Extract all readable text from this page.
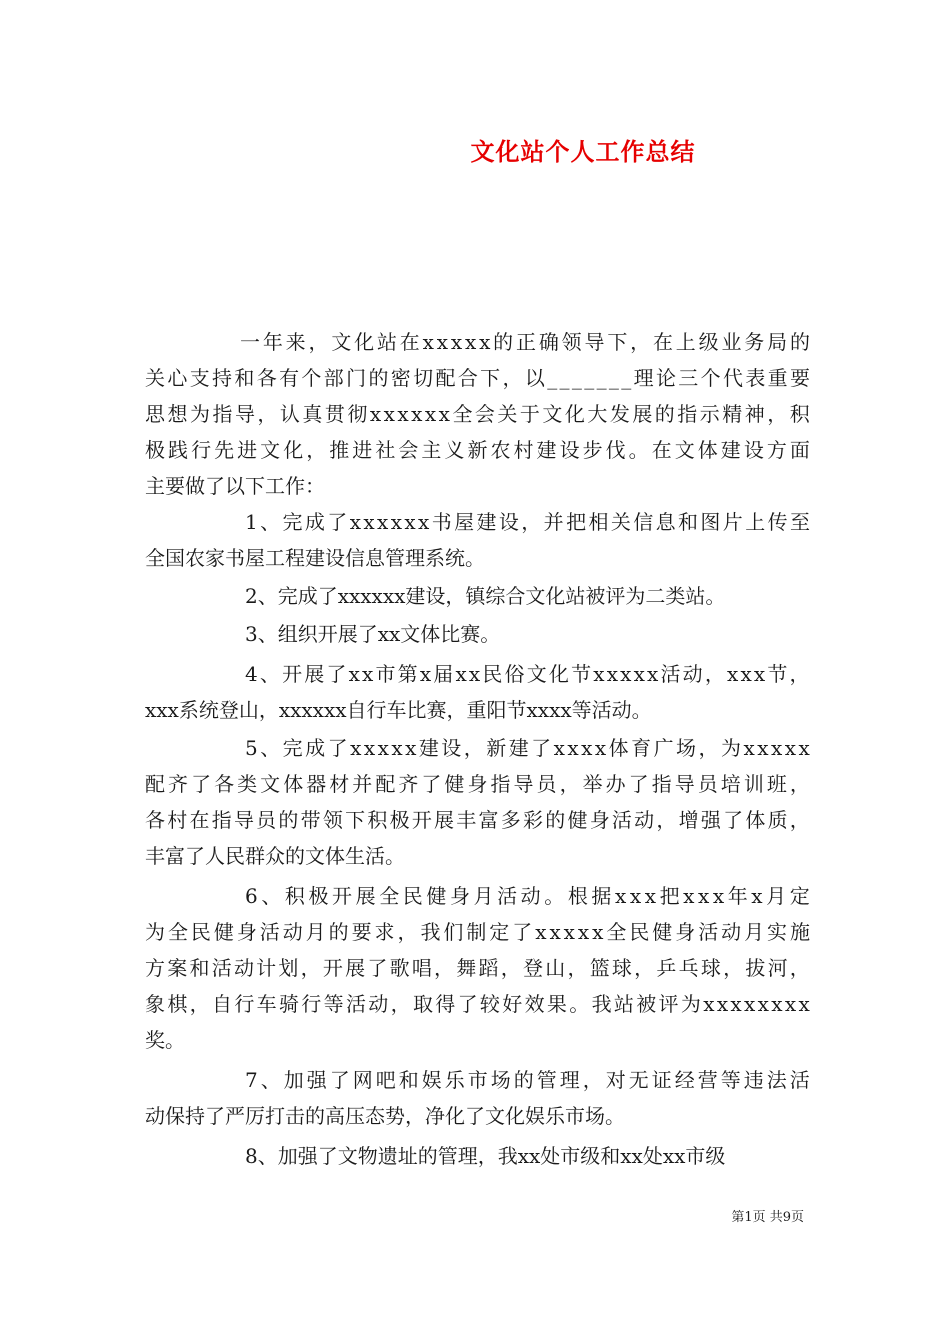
文化站个人工作总结
一 年 来 ， 文 化 站 在 x x x x x 的 正 确 领 导 下 ， 在 上 级 业 务 局 的
关 心 支 持 和 各 有 个 部 门 的 密 切 配 合 下 ， 以 _ _ _ _ _ _ _ 理 论 三 个 代 表 重 要
思 想 为 指 导 ， 认 真 贯 彻 x x x x x x 全 会 关 于 文 化 大 发 展 的 指 示 精 神 ， 积
极 践 行 先 进 文 化 ， 推 进 社 会 主 义 新 农 村 建 设 步 伐 。 在 文 体 建 设 方 面
主要做了以下工作：
1 、 完 成 了 x x x x x x 书 屋 建 设 ， 并 把 相 关 信 息 和 图 片 上 传 至
全国农家书屋工程建设信息管理系统。
2、完成了xxxxxx建设，镇综合文化站被评为二类站。
3、组织开展了xx文体比赛。
4 、 开 展 了 x x 市 第 x 届 x x 民 俗 文 化 节 x x x x x 活 动 ， x x x 节 ，
xxx系统登山，xxxxxx自行车比赛，重阳节xxxx等活动。
5 、 完 成 了 x x x x x 建 设 ， 新 建 了 x x x x 体 育 广 场 ， 为 x x x x x
配 齐 了 各 类 文 体 器 材 并 配 齐 了 健 身 指 导 员 ， 举 办 了 指 导 员 培 训 班 ，
各 村 在 指 导 员 的 带 领 下 积 极 开 展 丰 富 多 彩 的 健 身 活 动 ， 增 强 了 体 质 ，
丰富了人民群众的文体生活。
6 、 积 极 开 展 全 民 健 身 月 活 动 。 根 据 x x x 把 x x x 年 x 月 定
为 全 民 健 身 活 动 月 的 要 求 ， 我 们 制 定 了 x x x x x 全 民 健 身 活 动 月 实 施
方 案 和 活 动 计 划 ， 开 展 了 歌 唱 ， 舞 蹈 ， 登 山 ， 篮 球 ， 乒 乓 球 ， 拔 河 ，
象 棋 ， 自 行 车 骑 行 等 活 动 ， 取 得 了 较 好 效 果 。 我 站 被 评 为 x x x x x x x x
奖。
7 、 加 强 了 网 吧 和 娱 乐 市 场 的 管 理 ， 对 无 证 经 营 等 违 法 活
动保持了严厉打击的高压态势，净化了文化娱乐市场。
8、加强了文物遗址的管理，我xx处市级和xx处xx市级
第1页 共9页
